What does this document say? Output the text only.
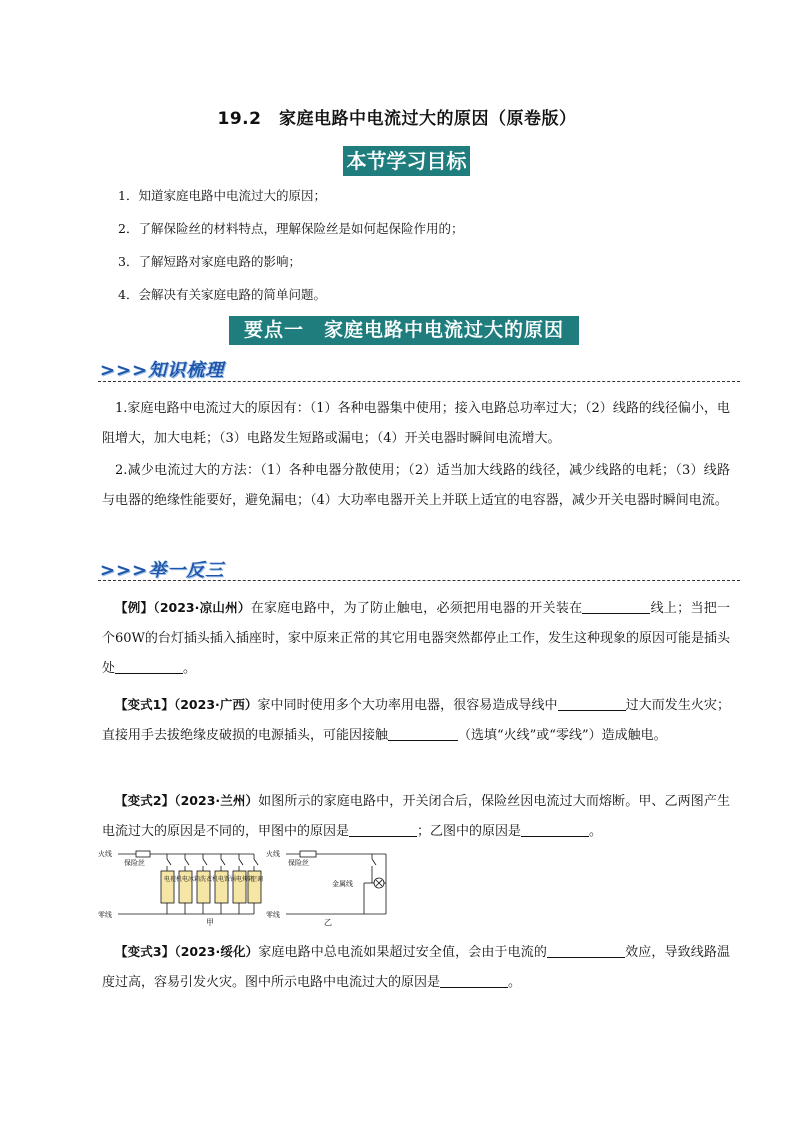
19.2　家庭电路中电流过大的原因（原卷版）
本节学习目标
1．知道家庭电路中电流过大的原因；
2．了解保险丝的材料特点，理解保险丝是如何起保险作用的；
3．了解短路对家庭电路的影响；
4．会解决有关家庭电路的简单问题。
要点一　家庭电路中电流过大的原因
>>>知识梳理
1.家庭电路中电流过大的原因有：（1）各种电器集中使用；接入电路总功率过大；（2）线路的线径偏小，电阻增大，加大电耗；（3）电路发生短路或漏电；（4）开关电器时瞬间电流增大。
2.减少电流过大的方法：（1）各种电器分散使用；（2）适当加大线路的线径，减少线路的电耗；（3）线路与电器的绝缘性能要好，避免漏电；（4）大功率电器开关上并联上适宜的电容器，减少开关电器时瞬间电流。
>>>举一反三
【例】（2023·凉山州）在家庭电路中，为了防止触电，必须把用电器的开关装在	线上；当把一个60W的台灯插头插入插座时，家中原来正常的其它用电器突然都停止工作，发生这种现象的原因可能是插头处	。
【变式1】（2023·广西）家中同时使用多个大功率用电器，很容易造成导线中	过大而发生火灾；直接用手去拔绝缘皮破损的电源插头，可能因接触	（选填“火线”或“零线”）造成触电。
【变式2】（2023·兰州）如图所示的家庭电路中，开关闭合后，保险丝因电流过大而熔断。甲、乙两图产生电流过大的原因是不同的，甲图中的原因是	；乙图中的原因是	。
火线
保险丝
零线
电视机 电冰箱 洗衣机 电饭锅 电烤箱
空调
甲
火线
保险丝
金属线
零线
乙
【变式3】（2023·绥化）家庭电路中总电流如果超过安全值，会由于电流的	效应，导致线路温度过高，容易引发火灾。图中所示电路中电流过大的原因是	。
